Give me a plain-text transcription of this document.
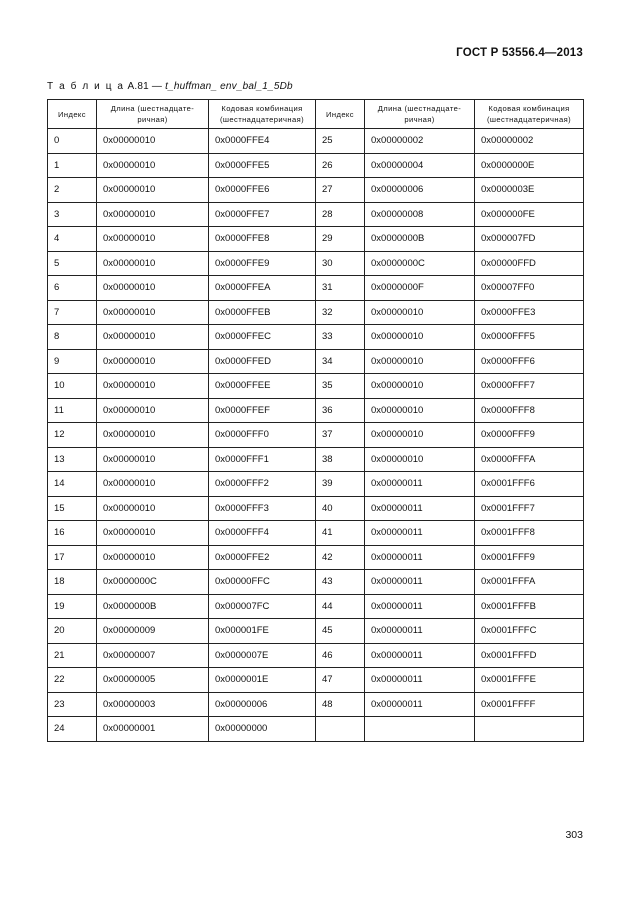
ГОСТ Р 53556.4—2013
Т а б л и ц а А.81 — t_huffman_ env_bal_1_5Db
Индекс	Длина (шестнадцате-ричная)	Кодовая комбинация (шестнадцатеричная)	Индекс	Длина (шестнадцате-ричная)	Кодовая комбинация (шестнадцатеричная)
0	0x00000010	0x0000FFE4	25	0x00000002	0x00000002
1	0x00000010	0x0000FFE5	26	0x00000004	0x0000000E
2	0x00000010	0x0000FFE6	27	0x00000006	0x0000003E
3	0x00000010	0x0000FFE7	28	0x00000008	0x000000FE
4	0x00000010	0x0000FFE8	29	0x0000000B	0x000007FD
5	0x00000010	0x0000FFE9	30	0x0000000C	0x00000FFD
6	0x00000010	0x0000FFEA	31	0x0000000F	0x00007FF0
7	0x00000010	0x0000FFEB	32	0x00000010	0x0000FFE3
8	0x00000010	0x0000FFEC	33	0x00000010	0x0000FFF5
9	0x00000010	0x0000FFED	34	0x00000010	0x0000FFF6
10	0x00000010	0x0000FFEE	35	0x00000010	0x0000FFF7
11	0x00000010	0x0000FFEF	36	0x00000010	0x0000FFF8
12	0x00000010	0x0000FFF0	37	0x00000010	0x0000FFF9
13	0x00000010	0x0000FFF1	38	0x00000010	0x0000FFFA
14	0x00000010	0x0000FFF2	39	0x00000011	0x0001FFF6
15	0x00000010	0x0000FFF3	40	0x00000011	0x0001FFF7
16	0x00000010	0x0000FFF4	41	0x00000011	0x0001FFF8
17	0x00000010	0x0000FFE2	42	0x00000011	0x0001FFF9
18	0x0000000C	0x00000FFC	43	0x00000011	0x0001FFFA
19	0x0000000B	0x000007FC	44	0x00000011	0x0001FFFB
20	0x00000009	0x000001FE	45	0x00000011	0x0001FFFC
21	0x00000007	0x0000007E	46	0x00000011	0x0001FFFD
22	0x00000005	0x0000001E	47	0x00000011	0x0001FFFE
23	0x00000003	0x00000006	48	0x00000011	0x0001FFFF
24	0x00000001	0x00000000			
303
